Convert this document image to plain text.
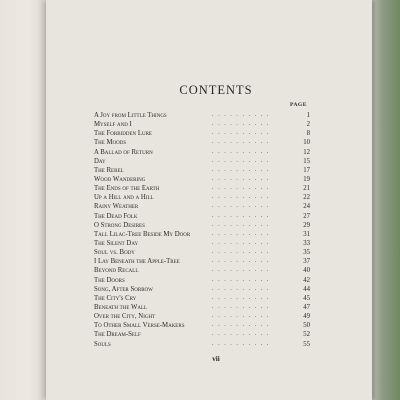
CONTENTS
PAGE
A Joy from Little Things	..........	1
Myself and I	..........	2
The Forbidden Lure	..........	8
The Moods	..........	10
A Ballad of Return	..........	12
Day	..........	15
The Rebel	..........	17
Wood Wandering	..........	19
The Ends of the Earth	..........	21
Up a Hill and a Hill	..........	22
Rainy Weather	..........	24
The Dead Folk	..........	27
O Strong Desires	..........	29
Tall Lilac-Tree Beside My Door	..........	31
The Silent Day	..........	33
Soul vs. Body	..........	35
I Lay Beneath the Apple-Tree	..........	37
Beyond Recall	..........	40
The Doors	..........	42
Song, After Sorrow	..........	44
The City's Cry	..........	45
Beneath the Wall	..........	47
Over the City, Night	..........	49
To Other Small Verse-Makers	..........	50
The Dream-Self	..........	52
Souls	..........	55
vii
